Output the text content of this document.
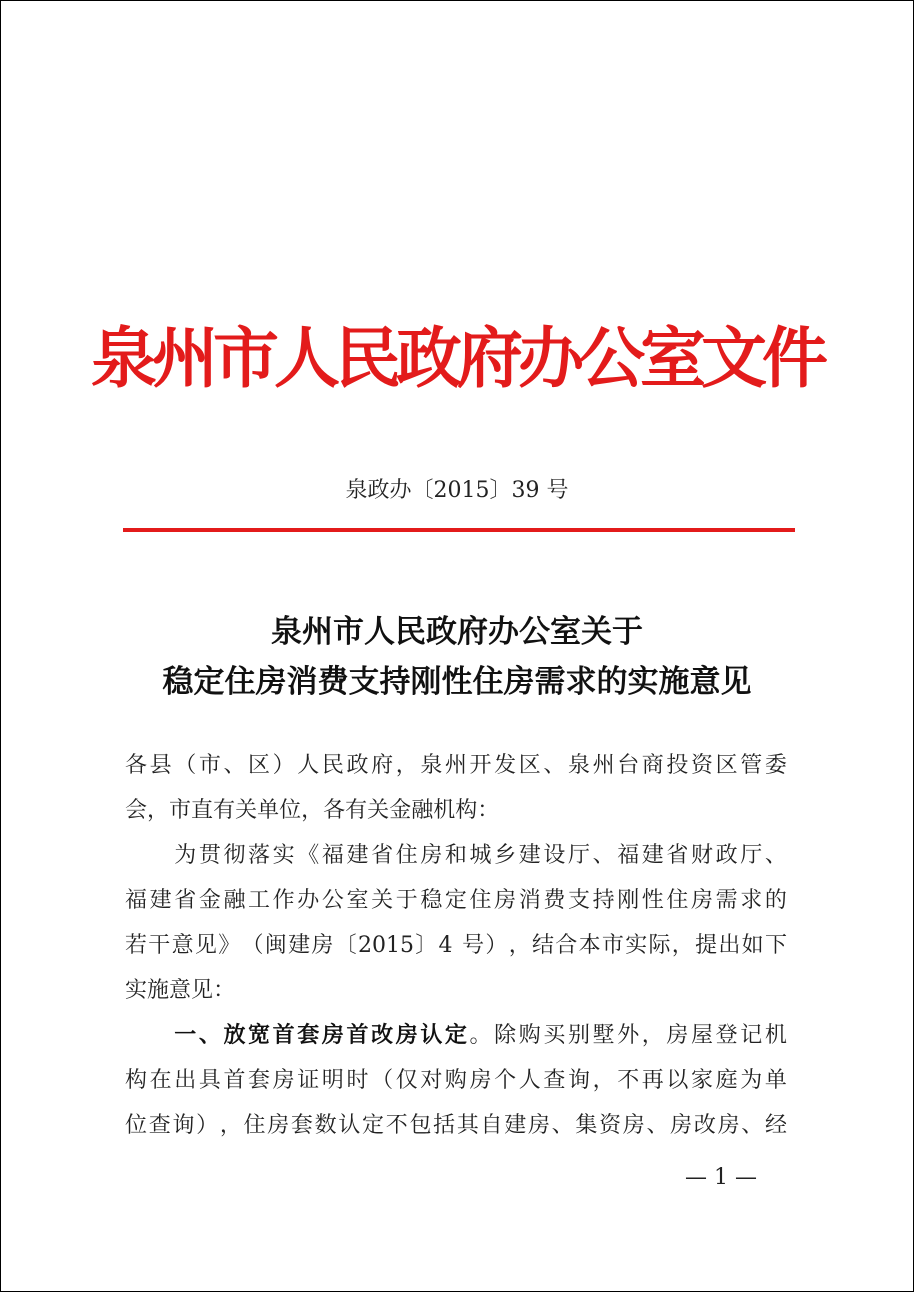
泉州市人民政府办公室文件
泉政办〔2015〕39 号
泉州市人民政府办公室关于
稳定住房消费支持刚性住房需求的实施意见
各 县 （ 市 、 区 ） 人 民 政 府 ， 泉 州 开 发 区 、 泉 州 台 商 投 资 区 管 委
会 ， 市 直 有 关 单 位 ， 各 有 关 金 融 机 构 ：

为 贯 彻 落 实 《 福 建 省 住 房 和 城 乡 建 设 厅 、 福 建 省 财 政 厅 、
福 建 省 金 融 工 作 办 公 室 关 于 稳 定 住 房 消 费 支 持 刚 性 住 房 需 求 的
若 干 意 见 》 （ 闽 建 房 〔 2015 〕 4
号 ） ， 结 合 本 市 实 际 ， 提 出 如 下
实 施 意 见 ：

一 、 放 宽 首 套 房 首 改 房 认 定 。 除 购 买 别 墅 外 ， 房 屋 登 记 机
构 在 出 具 首 套 房 证 明 时 （ 仅 对 购 房 个 人 查 询 ， 不 再 以 家 庭 为 单
位 查 询 ） ， 住 房 套 数 认 定 不 包 括 其 自 建 房 、 集 资 房 、 房 改 房 、 经
— 1 —
